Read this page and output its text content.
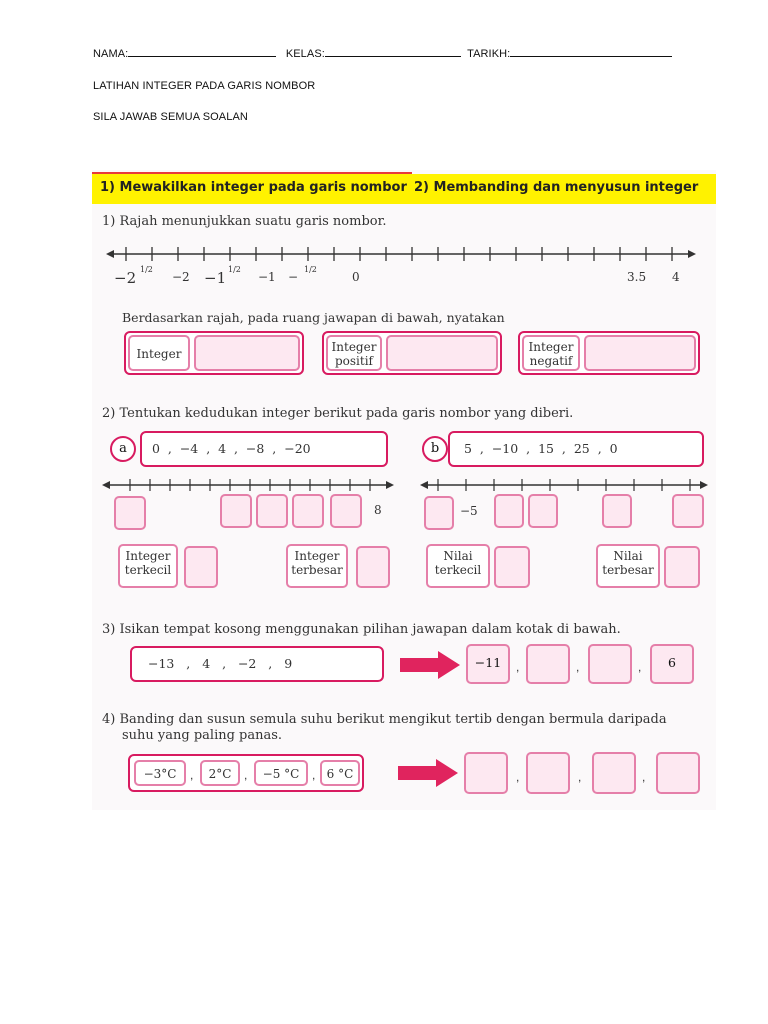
NAMA:	KELAS:	TARIKH:
LATIHAN INTEGER PADA GARIS NOMBOR
SILA JAWAB SEMUA SOALAN
1) Mewakilkan integer pada garis nombor 2) Membanding dan menyusun integer
1) Rajah menunjukkan suatu garis nombor.
−2 1/2
−2 −1 1/2
−1 −
1/2
0	3.5 4
Berdasarkan rajah, pada ruang jawapan di bawah, nyatakan
Integer	Integer positif
Integer negatif
2) Tentukan kedudukan integer berikut pada garis nombor yang diberi.
a	0  ,  −4  ,  4  ,  −8  ,  −20	b	5  ,  −10  ,  15  ,  25  ,  0
8	−5
Integer terkecil
Integer terbesar
Nilai terkecil
Nilai terbesar
3) Isikan tempat kosong menggunakan pilihan jawapan dalam kotak di bawah.
−13   ,   4   ,   −2   ,   9	−11	,	,	,	6
4) Banding dan susun semula suhu berikut mengikut tertib dengan bermula daripada
suhu yang paling panas.
−3°C	,	2°C	,	−5 °C	, 6 °C	,	,	,
